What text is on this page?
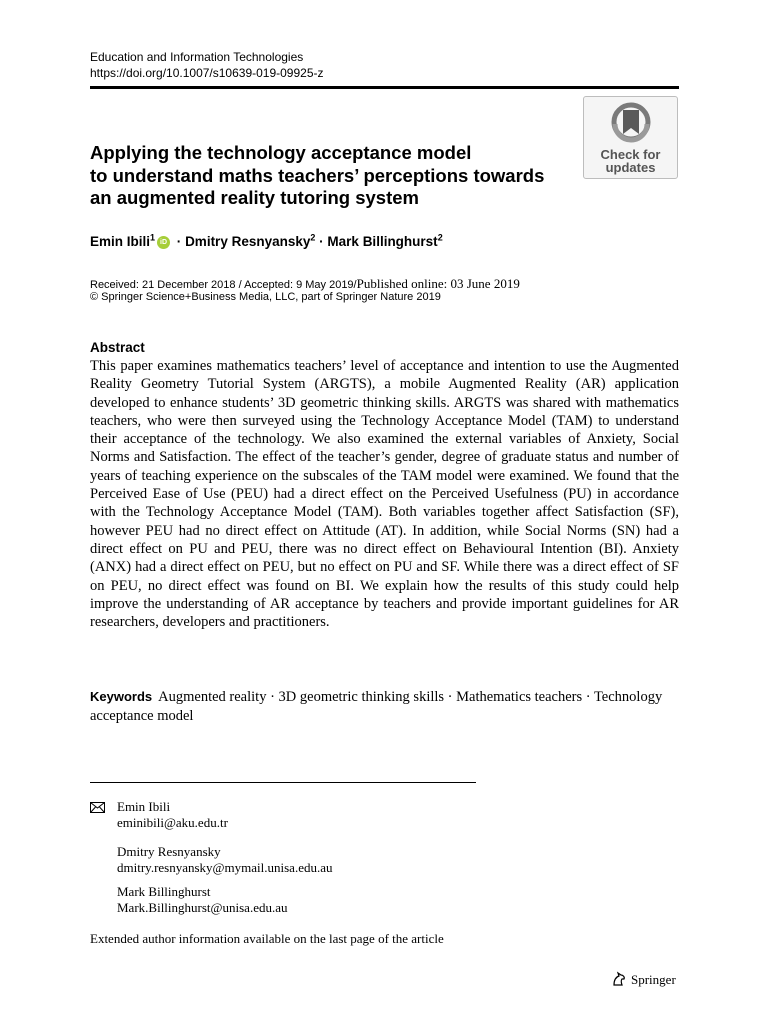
Education and Information Technologies
https://doi.org/10.1007/s10639-019-09925-z
Check for
updates
Applying the technology acceptance model
to understand maths teachers’ perceptions towards
an augmented reality tutoring system
Emin Ibili$^1$ iD · Dmitry Resnyansky$^2$ · Mark Billinghurst$^2$
Received: 21 December 2018 / Accepted: 9 May 2019/Published online: 03 June 2019
© Springer Science+Business Media, LLC, part of Springer Nature 2019
Abstract
This paper examines mathematics teachers’ level of acceptance and intention to use the Augmented Reality Geometry Tutorial System (ARGTS), a mobile Augmented Reality (AR) application developed to enhance students’ 3D geometric thinking skills. ARGTS was shared with mathematics teachers, who were then surveyed using the Technology Acceptance Model (TAM) to understand their acceptance of the technology. We also examined the external variables of Anxiety, Social Norms and Satisfaction. The effect of the teacher’s gender, degree of graduate status and number of years of teaching experience on the subscales of the TAM model were examined. We found that the Perceived Ease of Use (PEU) had a direct effect on the Perceived Usefulness (PU) in accordance with the Technology Acceptance Model (TAM). Both variables together affect Satisfaction (SF), however PEU had no direct effect on Attitude (AT). In addition, while Social Norms (SN) had a direct effect on PU and PEU, there was no direct effect on Behavioural Intention (BI). Anxiety (ANX) had a direct effect on PEU, but no effect on PU and SF. While there was a direct effect of SF on PEU, no direct effect was found on BI. We explain how the results of this study could help improve the understanding of AR acceptance by teachers and provide important guidelines for AR researchers, developers and practitioners.
Keywords Augmented reality · 3D geometric thinking skills · Mathematics teachers · Technology acceptance model
Emin Ibili
eminibili@aku.edu.tr
Dmitry Resnyansky
dmitry.resnyansky@mymail.unisa.edu.au
Mark Billinghurst
Mark.Billinghurst@unisa.edu.au
Extended author information available on the last page of the article
Springer
